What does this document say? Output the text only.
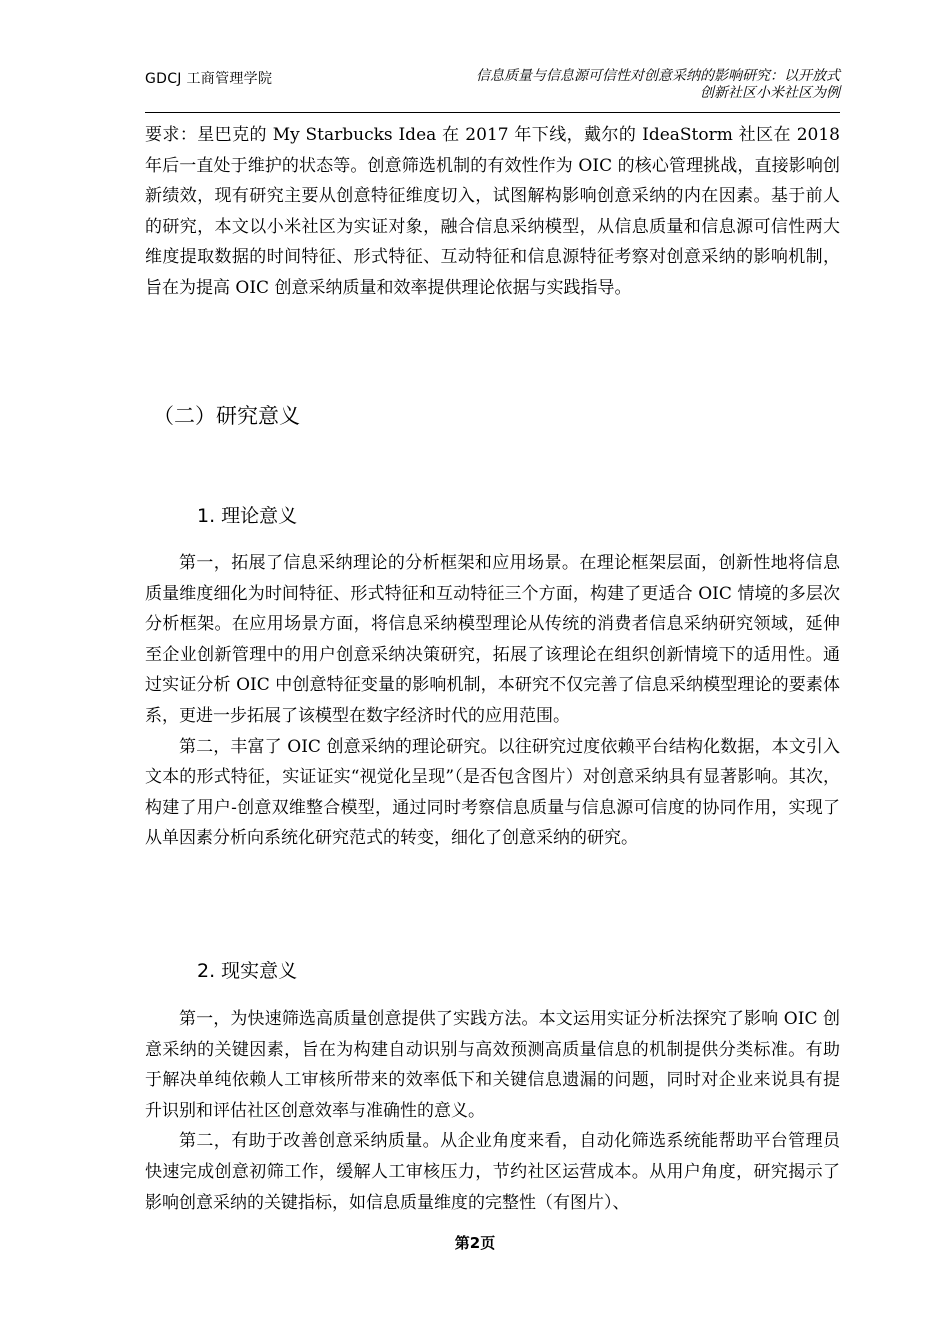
GDCJ 工商管理学院	信息质量与信息源可信性对创意采纳的影响研究：以开放式
创新社区小米社区为例

要求：星巴克的 My Starbucks Idea 在 2017 年下线，戴尔的 IdeaStorm 社区在 2018 年后一直处于维护的状态等。创意筛选机制的有效性作为 OIC 的核心管理挑战，直接影响创新绩效，现有研究主要从创意特征维度切入，试图解构影响创意采纳的内在因素。基于前人的研究，本文以小米社区为实证对象，融合信息采纳模型，从信息质量和信息源可信性两大维度提取数据的时间特征、形式特征、互动特征和信息源特征考察对创意采纳的影响机制，旨在为提高 OIC 创意采纳质量和效率提供理论依据与实践指导。

（二）研究意义
1. 理论意义

第一，拓展了信息采纳理论的分析框架和应用场景。在理论框架层面，创新性地将信息质量维度细化为时间特征、形式特征和互动特征三个方面，构建了更适合 OIC 情境的多层次分析框架。在应用场景方面，将信息采纳模型理论从传统的消费者信息采纳研究领域，延伸至企业创新管理中的用户创意采纳决策研究，拓展了该理论在组织创新情境下的适用性。通过实证分析 OIC 中创意特征变量的影响机制，本研究不仅完善了信息采纳模型理论的要素体系，更进一步拓展了该模型在数字经济时代的应用范围。

第二，丰富了 OIC 创意采纳的理论研究。以往研究过度依赖平台结构化数据，本文引入文本的形式特征，实证证实“视觉化呈现”（是否包含图片）对创意采纳具有显著影响。其次，构建了用户-创意双维整合模型，通过同时考察信息质量与信息源可信度的协同作用，实现了从单因素分析向系统化研究范式的转变，细化了创意采纳的研究。

2. 现实意义

第一，为快速筛选高质量创意提供了实践方法。本文运用实证分析法探究了影响 OIC 创意采纳的关键因素，旨在为构建自动识别与高效预测高质量信息的机制提供分类标准。有助于解决单纯依赖人工审核所带来的效率低下和关键信息遗漏的问题，同时对企业来说具有提升识别和评估社区创意效率与准确性的意义。

第二，有助于改善创意采纳质量。从企业角度来看，自动化筛选系统能帮助平台管理员快速完成创意初筛工作，缓解人工审核压力，节约社区运营成本。从用户角度，研究揭示了影响创意采纳的关键指标，如信息质量维度的完整性（有图片）、

第2页
